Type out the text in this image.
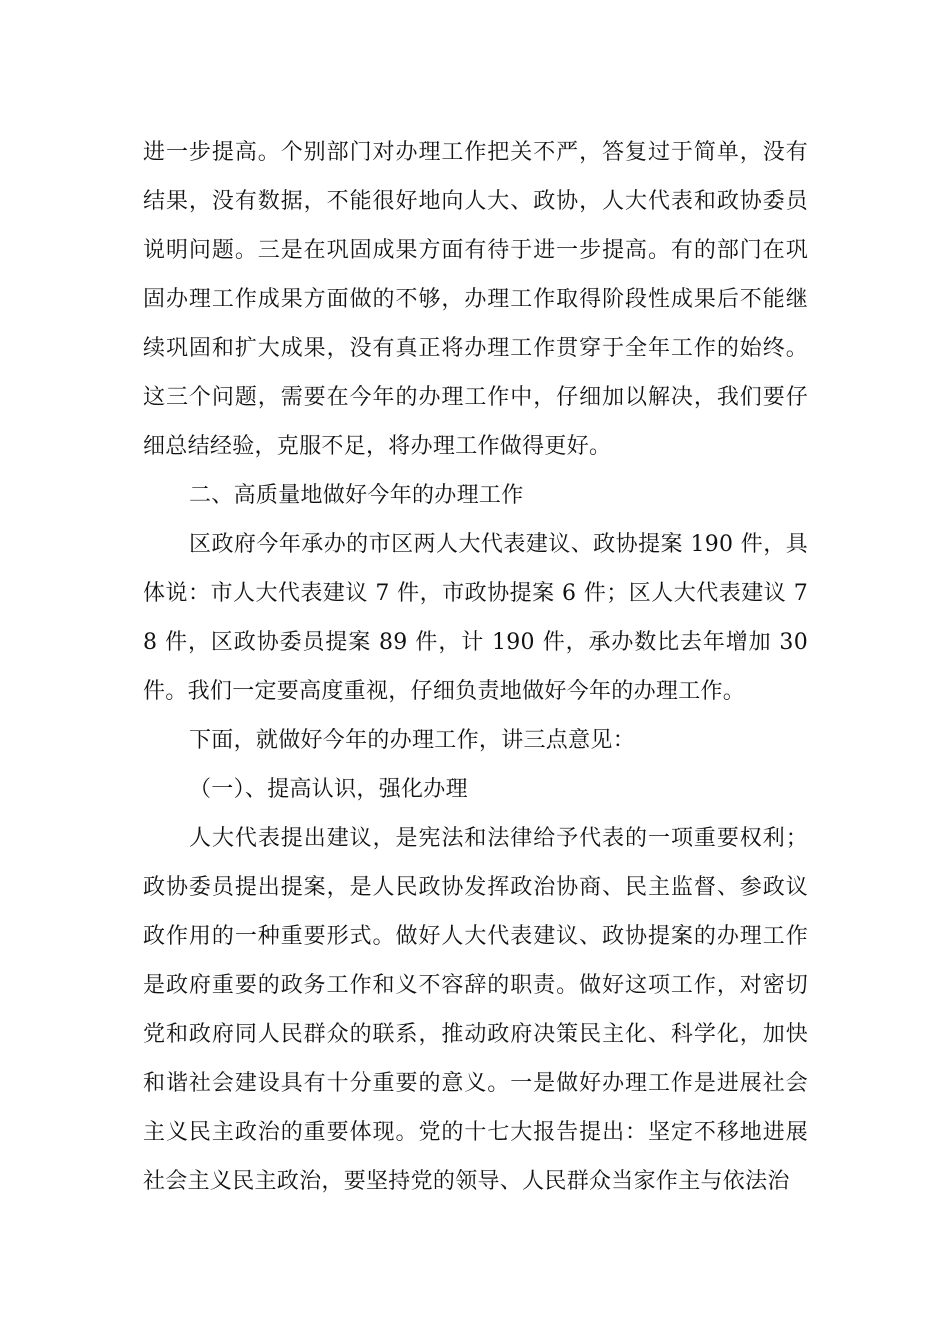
进一步提高。个别部门对办理工作把关不严，答复过于简单，没有结果，没有数据，不能很好地向人大、政协，人大代表和政协委员说明问题。三是在巩固成果方面有待于进一步提高。有的部门在巩固办理工作成果方面做的不够，办理工作取得阶段性成果后不能继续巩固和扩大成果，没有真正将办理工作贯穿于全年工作的始终。这三个问题，需要在今年的办理工作中，仔细加以解决，我们要仔细总结经验，克服不足，将办理工作做得更好。

二、高质量地做好今年的办理工作

区政府今年承办的市区两人大代表建议、政协提案 190 件，具体说：市人大代表建议 7 件，市政协提案 6 件；区人大代表建议 78 件，区政协委员提案 89 件，计 190 件，承办数比去年增加 30 件。我们一定要高度重视，仔细负责地做好今年的办理工作。

下面，就做好今年的办理工作，讲三点意见：

（一）、提高认识，强化办理

人大代表提出建议，是宪法和法律给予代表的一项重要权利；政协委员提出提案，是人民政协发挥政治协商、民主监督、参政议政作用的一种重要形式。做好人大代表建议、政协提案的办理工作是政府重要的政务工作和义不容辞的职责。做好这项工作，对密切党和政府同人民群众的联系，推动政府决策民主化、科学化，加快和谐社会建设具有十分重要的意义。一是做好办理工作是进展社会主义民主政治的重要体现。党的十七大报告提出：坚定不移地进展社会主义民主政治，要坚持党的领导、人民群众当家作主与依法治
